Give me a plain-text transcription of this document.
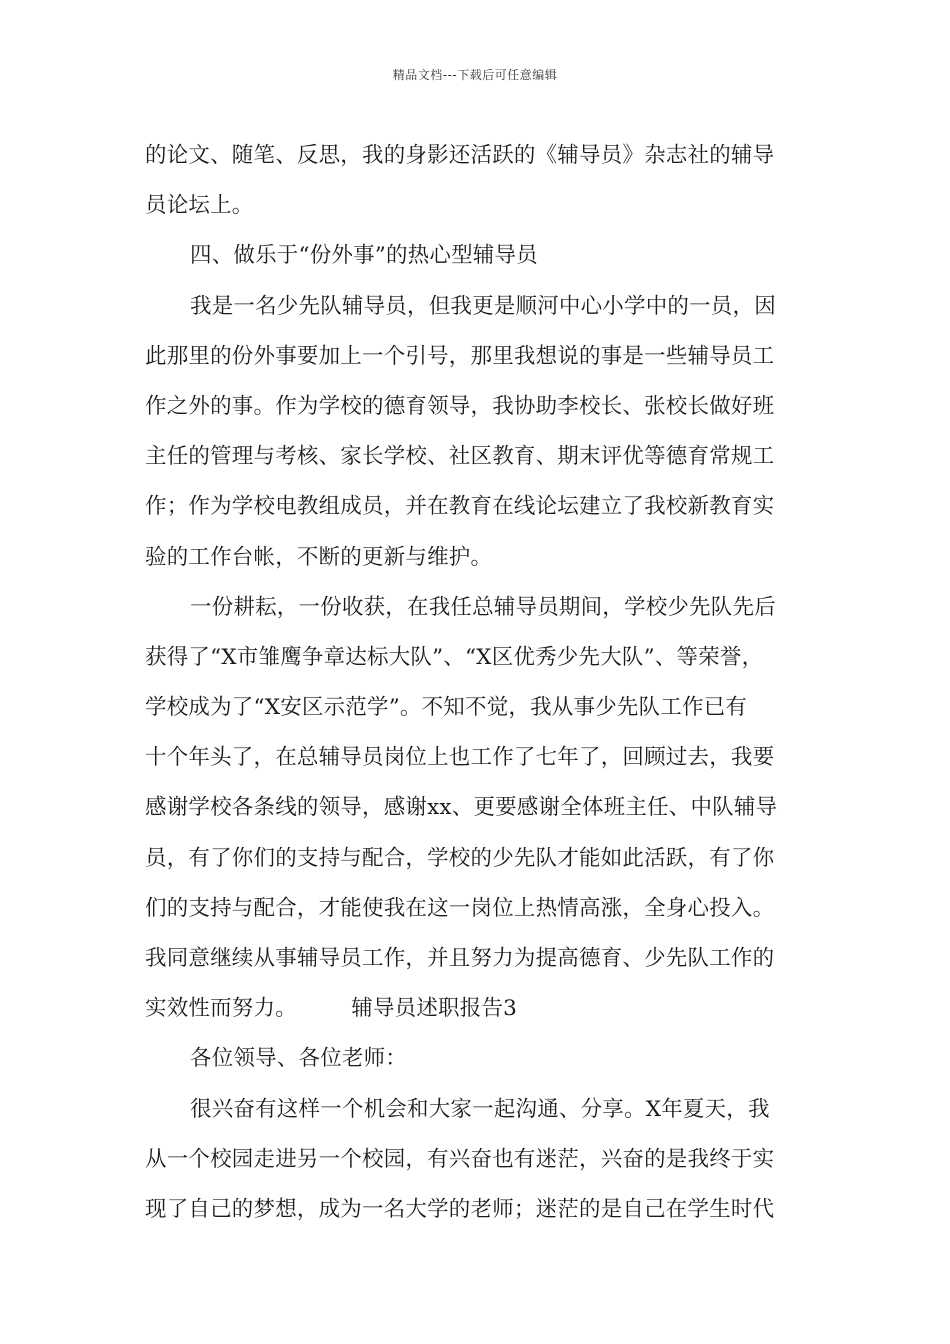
精品文档---下载后可任意编辑
的论文、随笔、反思，我的身影还活跃的《辅导员》杂志社的辅导
员论坛上。
四、做乐于“份外事”的热心型辅导员
我是一名少先队辅导员，但我更是顺河中心小学中的一员，因
此那里的份外事要加上一个引号，那里我想说的事是一些辅导员工
作之外的事。作为学校的德育领导，我协助李校长、张校长做好班
主任的管理与考核、家长学校、社区教育、期末评优等德育常规工
作；作为学校电教组成员，并在教育在线论坛建立了我校新教育实
验的工作台帐，不断的更新与维护。
一份耕耘，一份收获，在我任总辅导员期间，学校少先队先后
获得了“X市雏鹰争章达标大队”、“X区优秀少先大队”、等荣誉，
学校成为了“X安区示范学”。不知不觉，我从事少先队工作已有
十个年头了，在总辅导员岗位上也工作了七年了，回顾过去，我要
感谢学校各条线的领导，感谢xx、更要感谢全体班主任、中队辅导
员，有了你们的支持与配合，学校的少先队才能如此活跃，有了你
们的支持与配合，才能使我在这一岗位上热情高涨，全身心投入。
我同意继续从事辅导员工作，并且努力为提高德育、少先队工作的
实效性而努力。　　　辅导员述职报告3
各位领导、各位老师：
很兴奋有这样一个机会和大家一起沟通、分享。X年夏天，我
从一个校园走进另一个校园，有兴奋也有迷茫，兴奋的是我终于实
现了自己的梦想，成为一名大学的老师；迷茫的是自己在学生时代
